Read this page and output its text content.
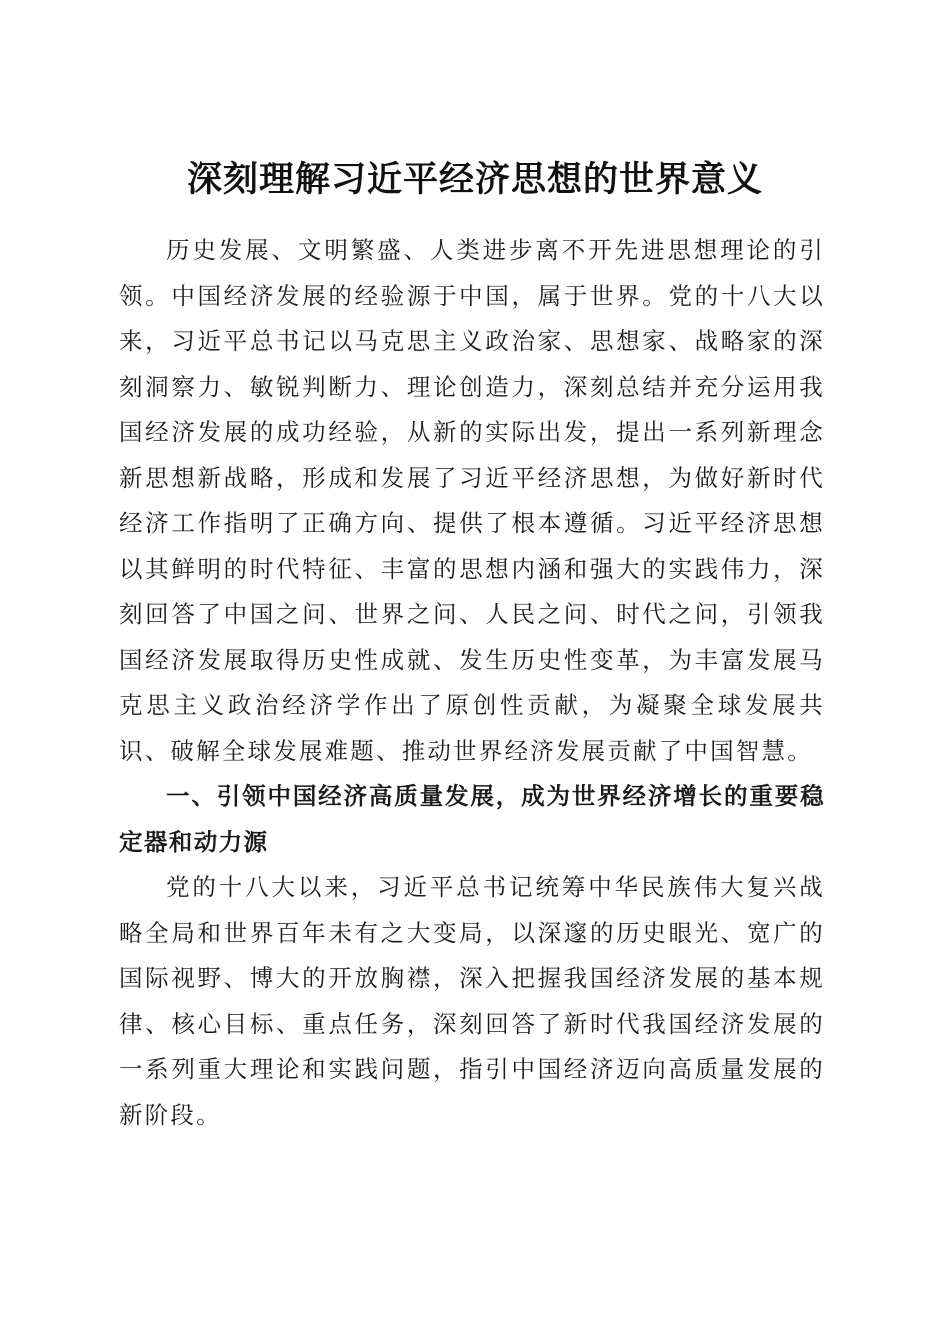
深刻理解习近平经济思想的世界意义

历史发展、文明繁盛、人类进步离不开先进思想理论的引领。中国经济发展的经验源于中国，属于世界。党的十八大以来，习近平总书记以马克思主义政治家、思想家、战略家的深刻洞察力、敏锐判断力、理论创造力，深刻总结并充分运用我国经济发展的成功经验，从新的实际出发，提出一系列新理念新思想新战略，形成和发展了习近平经济思想，为做好新时代经济工作指明了正确方向、提供了根本遵循。习近平经济思想以其鲜明的时代特征、丰富的思想内涵和强大的实践伟力，深刻回答了中国之问、世界之问、人民之问、时代之问，引领我国经济发展取得历史性成就、发生历史性变革，为丰富发展马克思主义政治经济学作出了原创性贡献，为凝聚全球发展共识、破解全球发展难题、推动世界经济发展贡献了中国智慧。

一、引领中国经济高质量发展，成为世界经济增长的重要稳定器和动力源

党的十八大以来，习近平总书记统筹中华民族伟大复兴战略全局和世界百年未有之大变局，以深邃的历史眼光、宽广的国际视野、博大的开放胸襟，深入把握我国经济发展的基本规律、核心目标、重点任务，深刻回答了新时代我国经济发展的一系列重大理论和实践问题，指引中国经济迈向高质量发展的新阶段。
